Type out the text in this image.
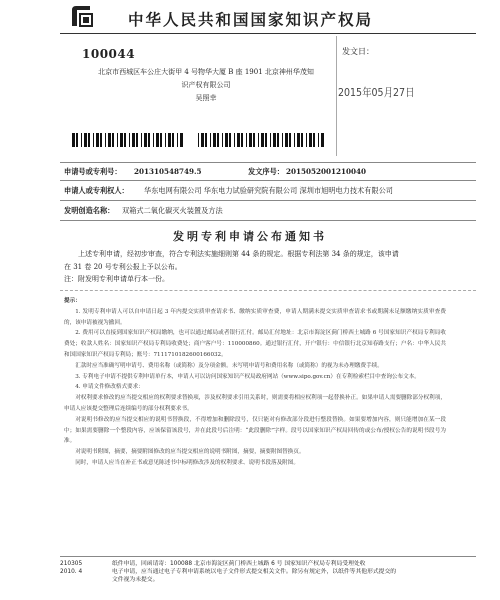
中华人民共和国国家知识产权局
100044
北京市西城区车公庄大街甲 4 号物华大厦 B 座 1901 北京神州华茂知
识产权有限公司
吴照幸
发文日：
2015年05月27日
申请号或专利号： 201310548749.5	发文序号： 2015052001210040
申请人或专利权人： 华东电网有限公司 华东电力试验研究院有限公司 深圳市旭明电力技术有限公司
发明创造名称： 双箱式二氧化碳灭火装置及方法
发明专利申请公布通知书

上述专利申请，经初步审查，符合专利法实施细则第 44 条的规定。根据专利法第 34 条的规定，该申请

在 31 卷 20 号专利公报上予以公布。

注：附发明专利申请单行本一份。

提示：

1. 发明专利申请人可以自申请日起 3 年内提交实质审查请求书、缴纳实质审查费，申请人期满未提交实质审查请求书或期满未足额缴纳实质审查费的，该申请被视为撤回。

2. 费用可以直接到国家知识产权局缴纳，也可以通过邮局或者银行汇付。邮局汇付地址：北京市海淀区蓟门桥西土城路 6 号国家知识产权局专利局收费处；收款人姓名：国家知识产权局专利局收费处；商户客户号：110000860。通过银行汇付，开户银行：中信银行北京知春路支行；户名：中华人民共和国国家知识产权局专利局；账号：7111710182600166032。

汇款时应当准确写明申请号、费用名称（或简称）及分项金额。未写明申请号和费用名称（或简称）的视为未办理缴费手续。

3. 专利电子申请不提供专利申请单行本，申请人可以访问国家知识产权局政府网站（www.sipo.gov.cn）在专利检索栏目中查询公布文本。

4. 申请文件修改格式要求：

对权利要求修改的应当提交相应的权利要求替换项，涉及权利要求引用关系时，则需要将相应权利项一起替换补正。如果申请人需要删除部分权利项，申请人应该提交整理后连续编号的部分权利要求书。

对说明书修改的应当提交相应的说明书替换段，不得增加和删除段号，仅只能对有修改部分段进行整段替换。如果要增加内容，则只能增加在某一段中；如果需要删除一个整段内容，应该保留该段号，并在此段号后注明：“此段删除”字样。段号以国家知识产权局回传的或公布/授权公告的说明书段号为准。

对说明书附图，摘要，摘要附图修改的应当提交相应的说明书附图，摘要，摘要附图替换页。

同时，申请人应当在补正书或意见陈述书中标明修改涉及的权利要求、说明书段落及附图。

210305
2010. 4
纸件申请，回函请寄：100088 北京市海淀区蓟门桥西土城路 6 号 国家知识产权局专利局受理处收
电子申请，应当通过电子专利申请系统以电子文件形式提交相关文件。除另有规定外，以纸件等其他形式提交的
文件视为未提交。
